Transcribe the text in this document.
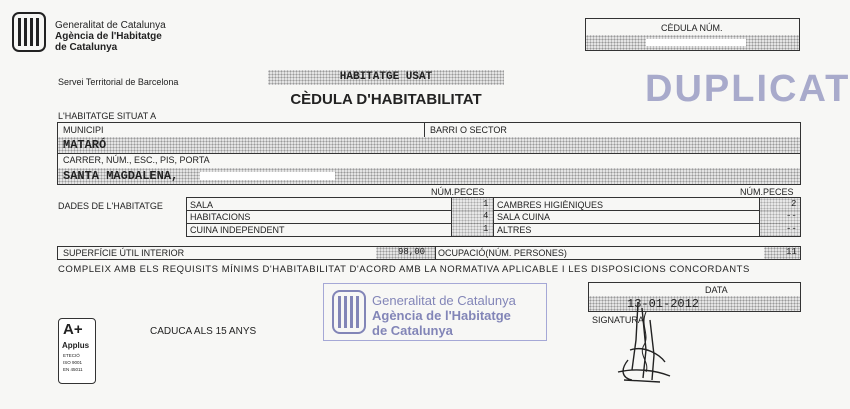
Generalitat de Catalunya
Agència de l'Habitatge
de Catalunya
CÈDULA NÚM.
Servei Territorial de Barcelona	HABITATGE USAT
CÈDULA D'HABITABILITAT	DUPLICAT
L'HABITATGE SITUAT A
MUNICIPI	BARRI O SECTOR
MATARÓ
CARRER, NÚM., ESC., PIS, PORTA
SANTA MAGDALENA,
DADES DE L'HABITATGE
NÚM.PECES	NÚM.PECES
SALA	1
HABITACIONS	4
CUINA INDEPENDENT	1
CAMBRES HIGIÈNIQUES	2
SALA CUINA	--
ALTRES	--
SUPERFÍCIE ÚTIL INTERIOR	98,00 OCUPACIÓ(NÚM. PERSONES)	11
COMPLEIX AMB ELS REQUISITS MÍNIMS D'HABITABILITAT D'ACORD AMB LA NORMATIVA APLICABLE I LES DISPOSICIONS CONCORDANTS
A+
Applus
ETECIÓ
ISO 9001
EN 45011
CADUCA ALS 15 ANYS
Generalitat de Catalunya
Agència de l'Habitatge
de Catalunya
DATA
13-01-2012
SIGNATURA
